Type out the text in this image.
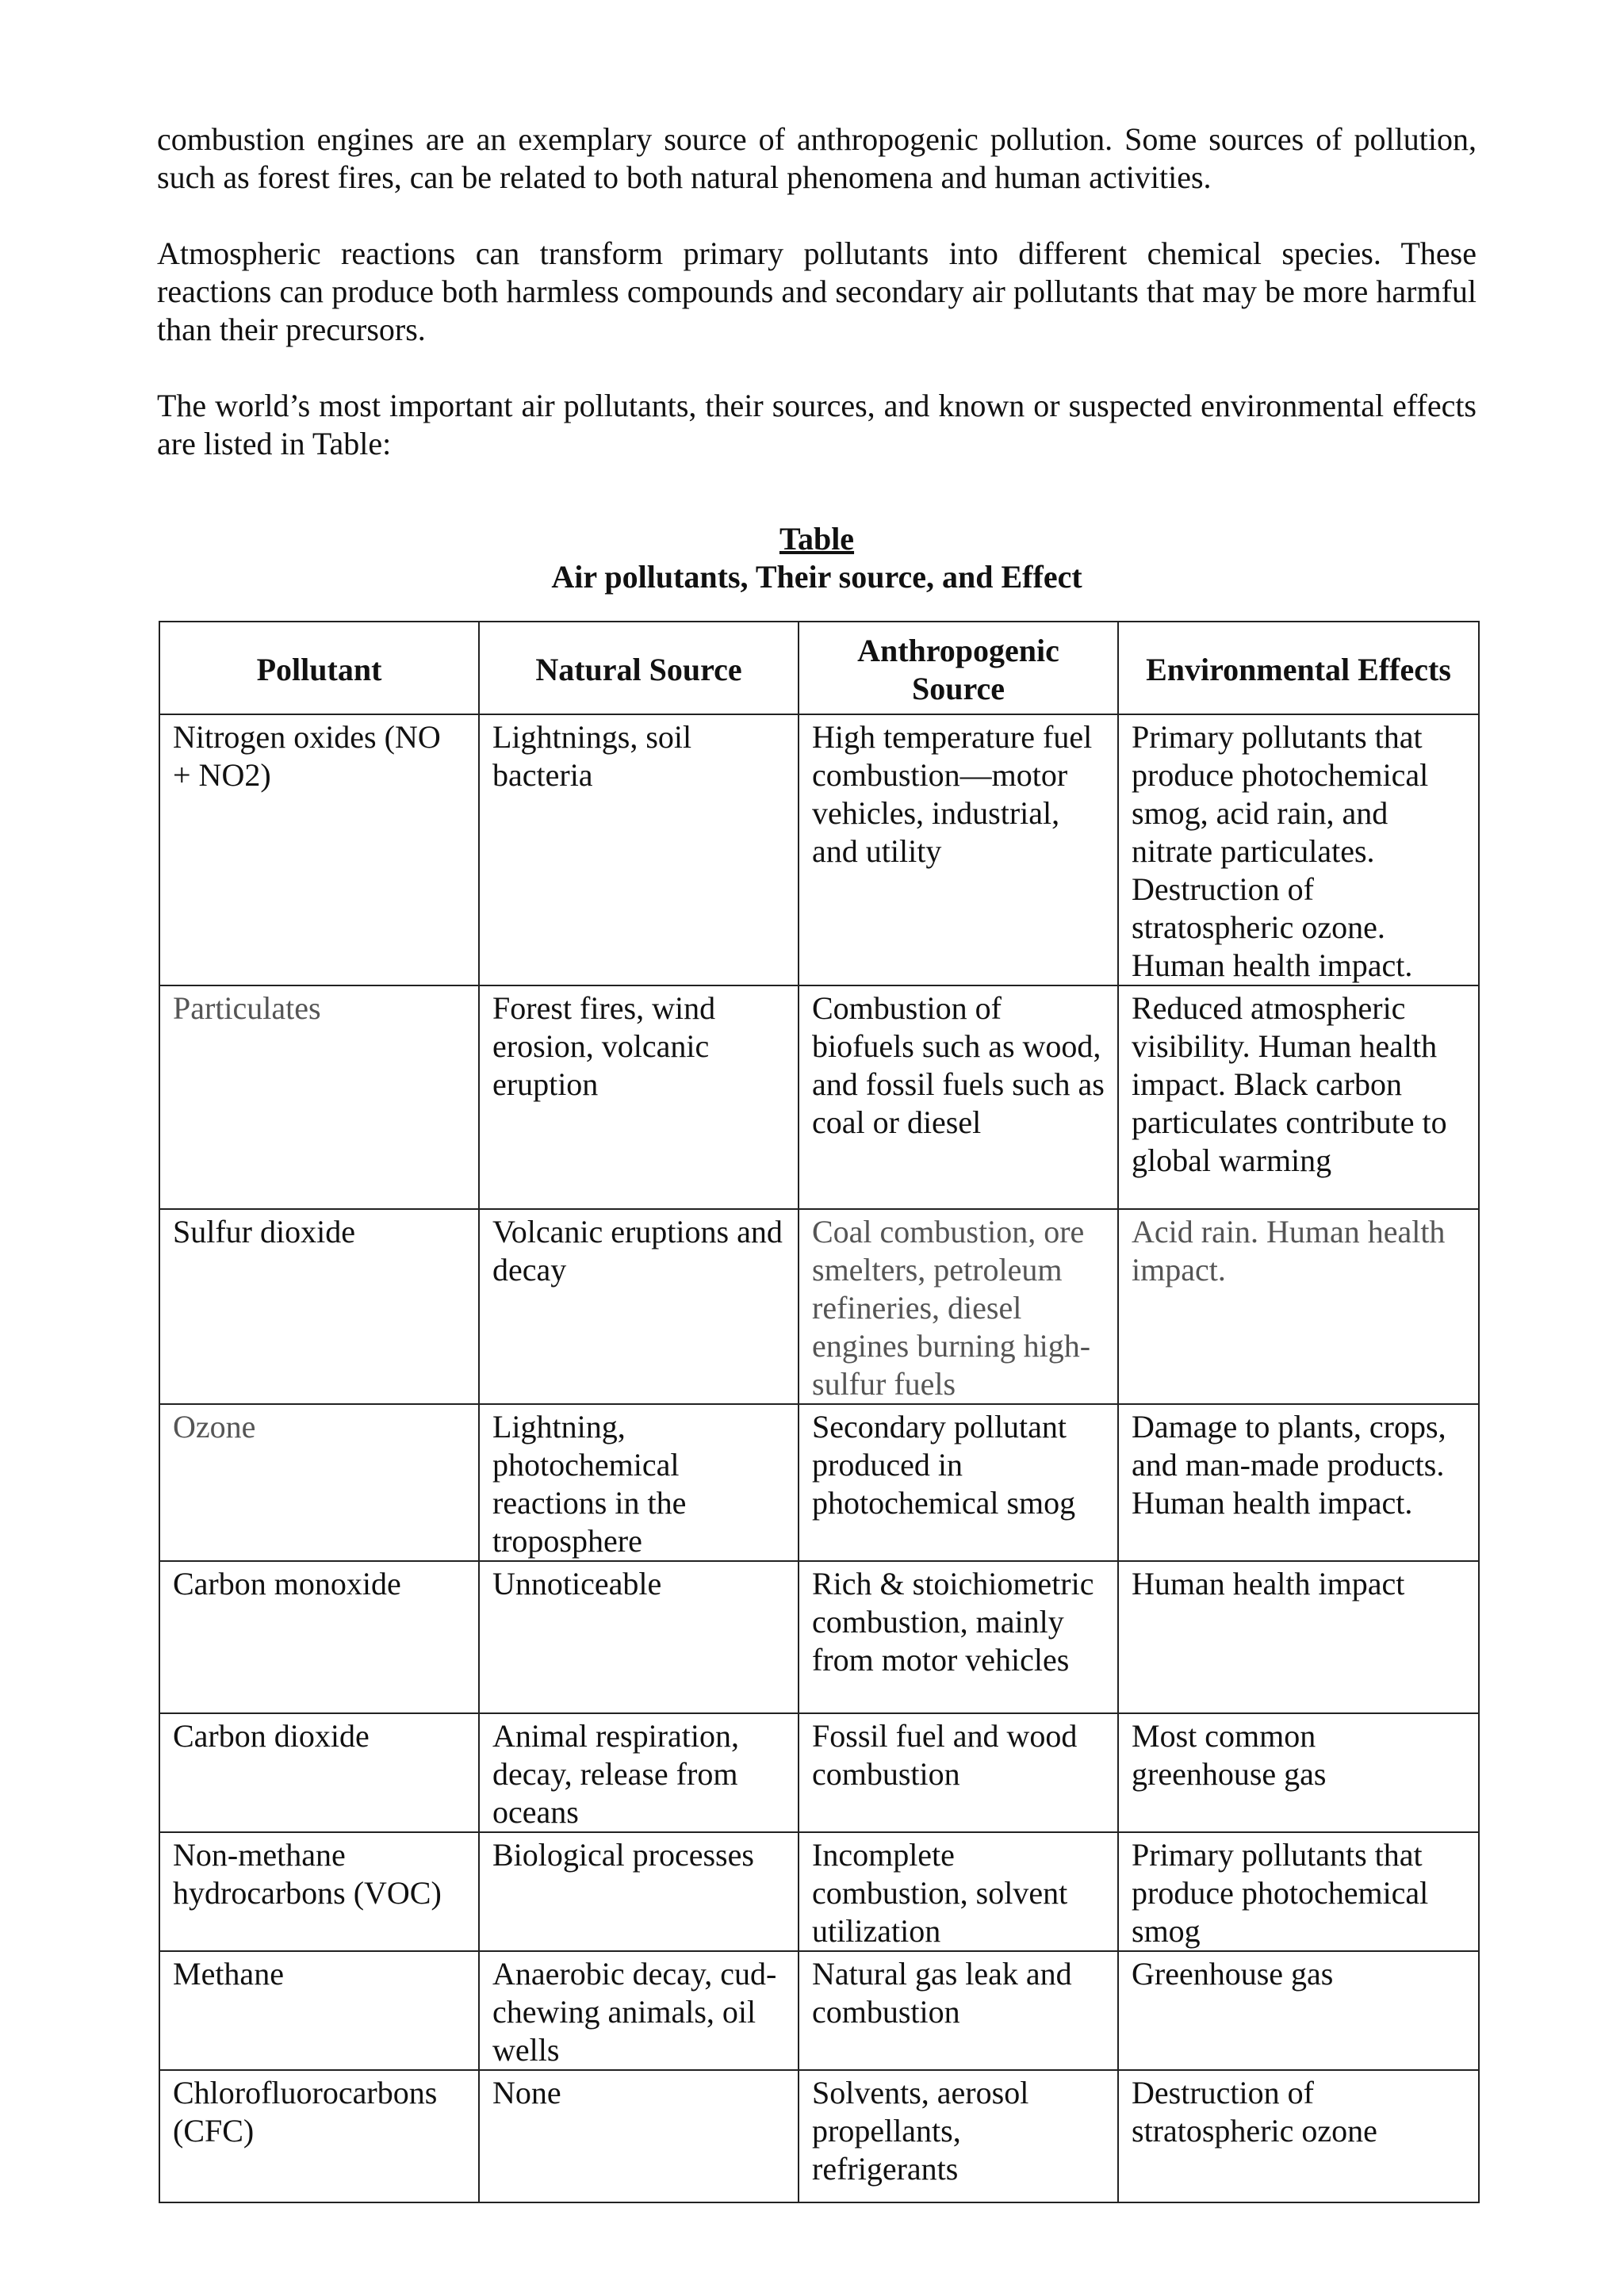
combustion engines are an exemplary source of anthropogenic pollution. Some sources of pollution, such as forest fires, can be related to both natural phenomena and human activities.

Atmospheric reactions can transform primary pollutants into different chemical species. These reactions can produce both harmless compounds and secondary air pollutants that may be more harmful than their precursors.

The world’s most important air pollutants, their sources, and known or suspected environmental effects are listed in Table:

Table
Air pollutants, Their source, and Effect
Pollutant	Natural Source	Anthropogenic Source	Environmental Effects
Nitrogen oxides (NO + NO2)	Lightnings, soil bacteria	High temperature fuel combustion—motor vehicles, industrial, and utility	Primary pollutants that produce photochemical smog, acid rain, and nitrate particulates. Destruction of stratospheric ozone. Human health impact.
Particulates	Forest fires, wind erosion, volcanic eruption	Combustion of biofuels such as wood, and fossil fuels such as coal or diesel	Reduced atmospheric visibility. Human health impact. Black carbon particulates contribute to global warming
Sulfur dioxide	Volcanic eruptions and decay	Coal combustion, ore smelters, petroleum refineries, diesel engines burning high-sulfur fuels	Acid rain. Human health impact.
Ozone	Lightning, photochemical reactions in the troposphere	Secondary pollutant produced in photochemical smog	Damage to plants, crops, and man-made products. Human health impact.
Carbon monoxide	Unnoticeable	Rich & stoichiometric combustion, mainly from motor vehicles	Human health impact
Carbon dioxide	Animal respiration, decay, release from oceans	Fossil fuel and wood combustion	Most common greenhouse gas
Non-methane hydrocarbons (VOC)	Biological processes	Incomplete combustion, solvent utilization	Primary pollutants that produce photochemical smog
Methane	Anaerobic decay, cud-chewing animals, oil wells	Natural gas leak and combustion	Greenhouse gas
Chlorofluorocarbons (CFC)	None	Solvents, aerosol propellants, refrigerants	Destruction of stratospheric ozone
